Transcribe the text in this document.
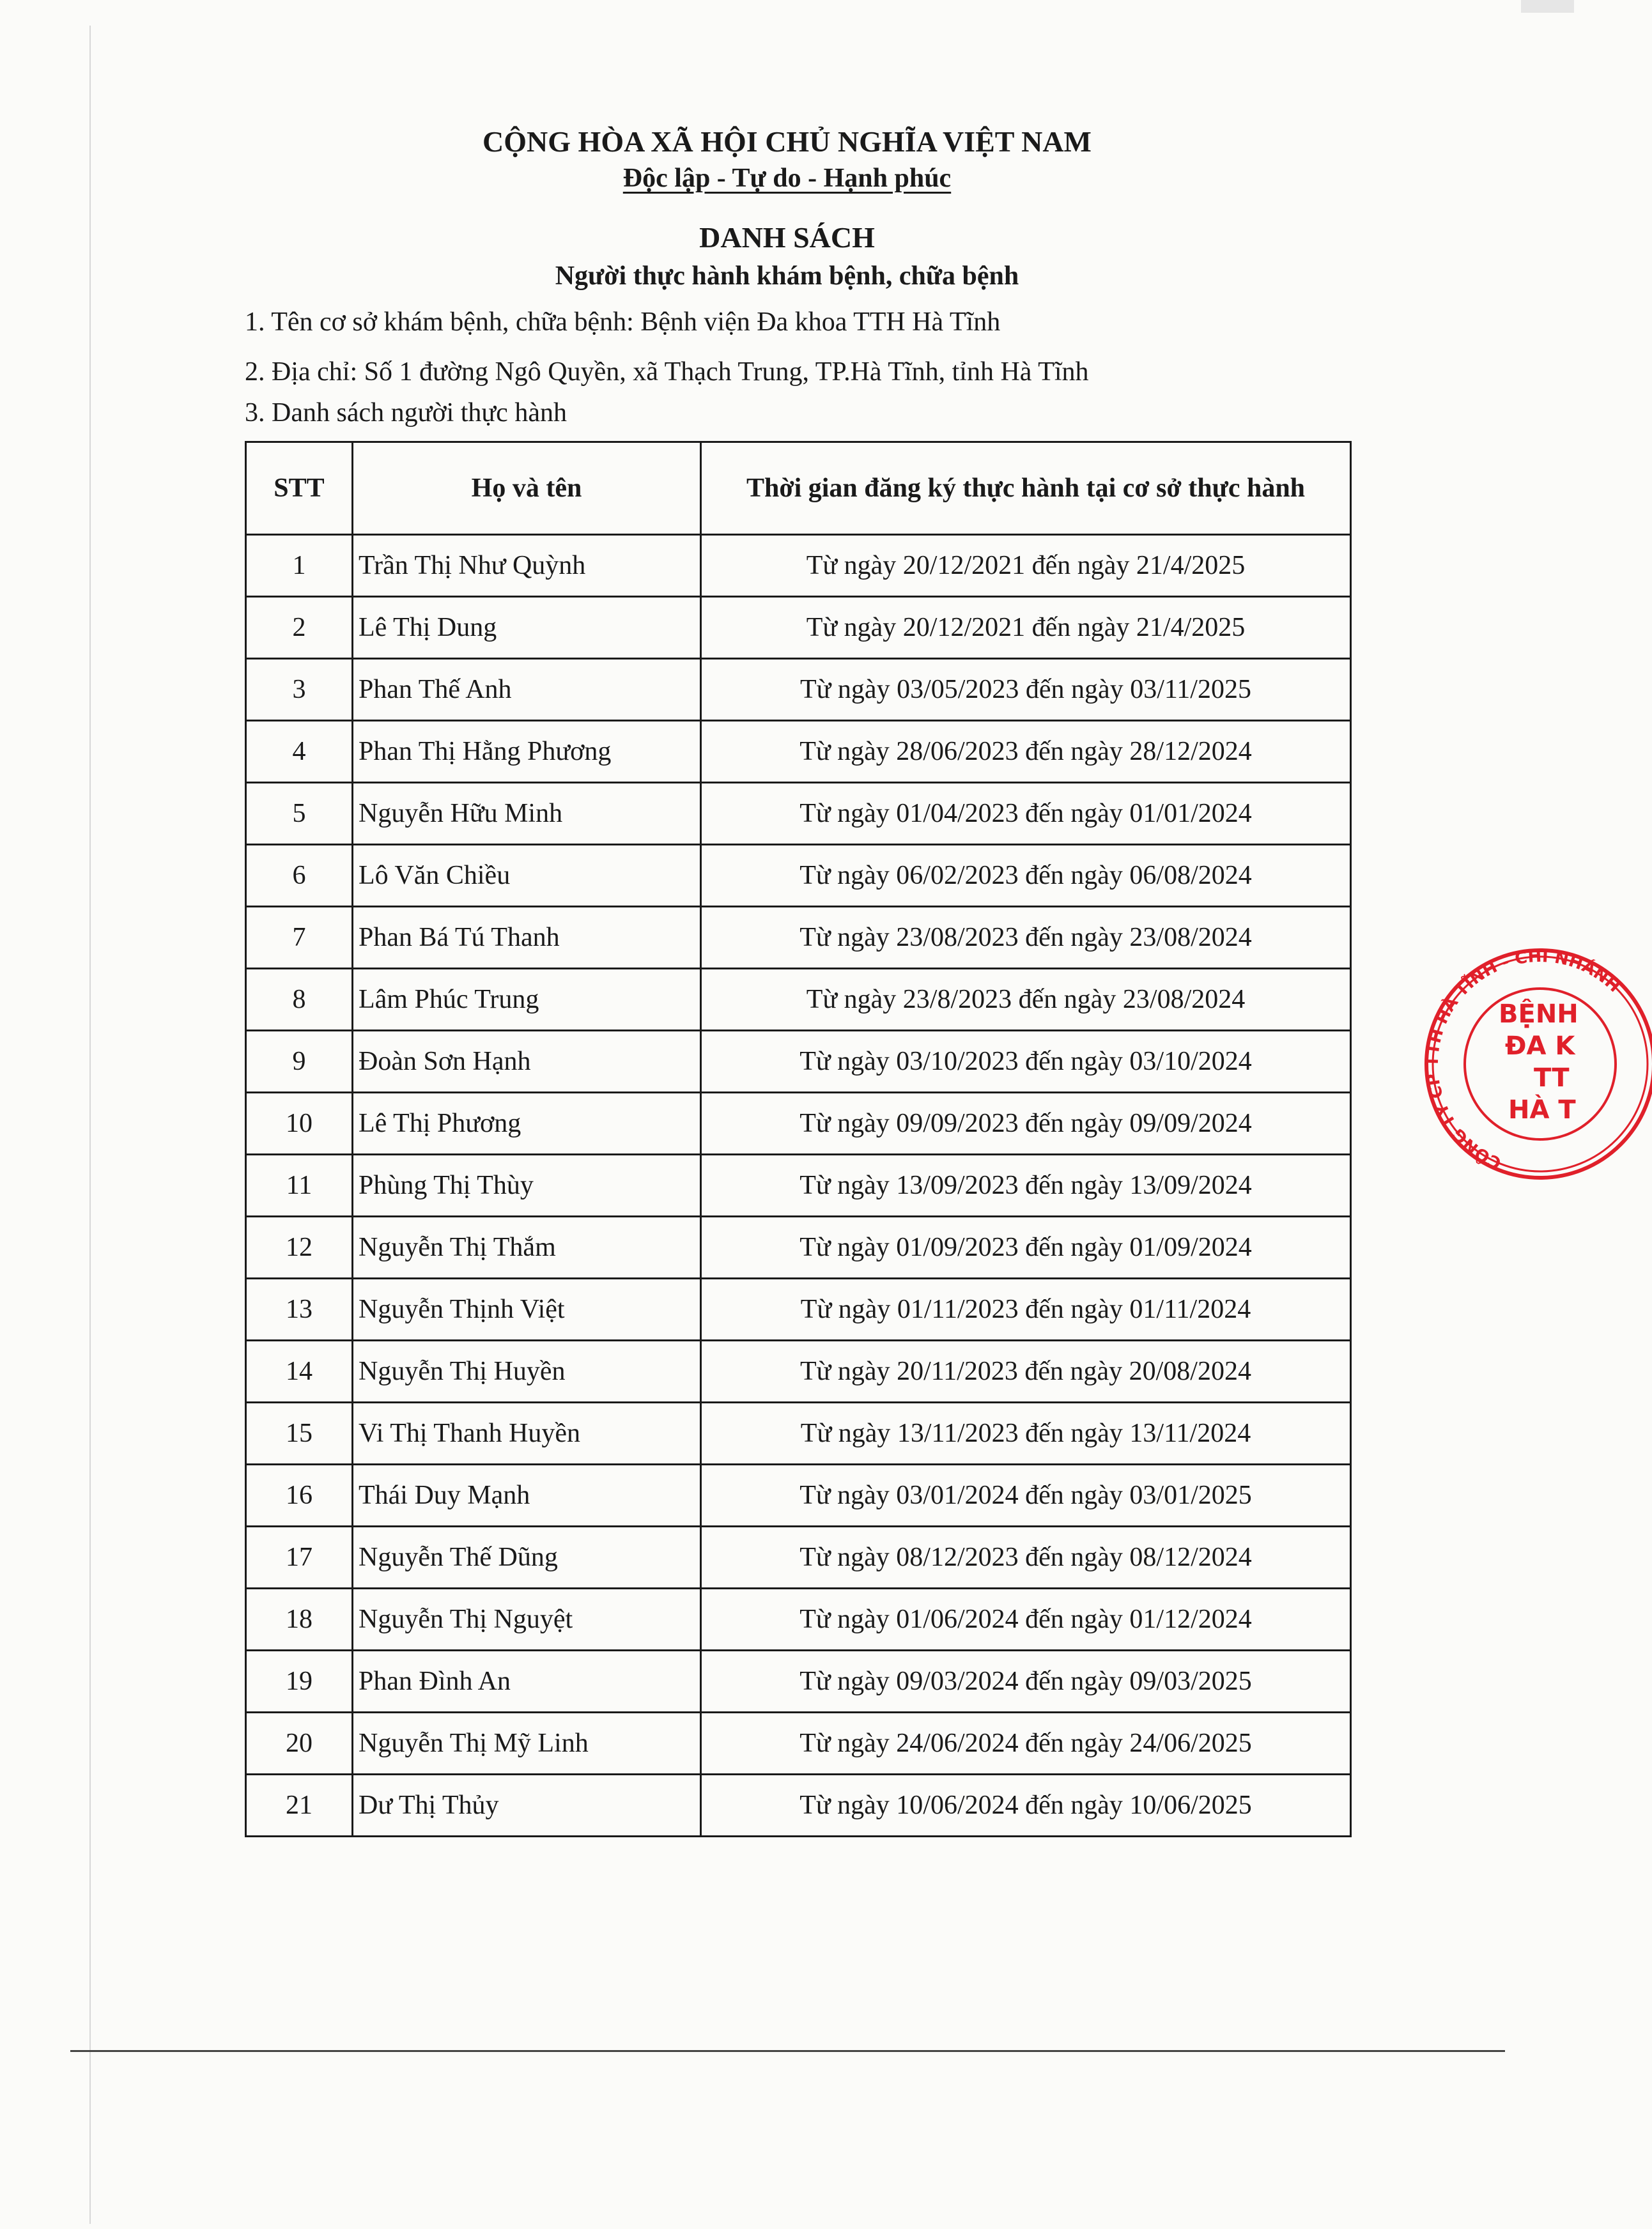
CỘNG HÒA XÃ HỘI CHỦ NGHĨA VIỆT NAM
Độc lập - Tự do - Hạnh phúc
DANH SÁCH
Người thực hành khám bệnh, chữa bệnh
1. Tên cơ sở khám bệnh, chữa bệnh: Bệnh viện Đa khoa TTH Hà Tĩnh
2. Địa chỉ: Số 1 đường Ngô Quyền, xã Thạch Trung, TP.Hà Tĩnh, tỉnh Hà Tĩnh
3. Danh sách người thực hành
STT	Họ và tên	Thời gian đăng ký thực hành tại cơ sở thực hành
1	Trần Thị Như Quỳnh	Từ ngày 20/12/2021 đến ngày 21/4/2025
2	Lê Thị Dung	Từ ngày 20/12/2021 đến ngày 21/4/2025
3	Phan Thế Anh	Từ ngày 03/05/2023 đến ngày 03/11/2025
4	Phan Thị Hằng Phương	Từ ngày 28/06/2023 đến ngày 28/12/2024
5	Nguyễn Hữu Minh	Từ ngày 01/04/2023 đến ngày 01/01/2024
6	Lô Văn Chiều	Từ ngày 06/02/2023 đến ngày 06/08/2024
7	Phan Bá Tú Thanh	Từ ngày 23/08/2023 đến ngày 23/08/2024
8	Lâm Phúc Trung	Từ ngày 23/8/2023 đến ngày 23/08/2024
9	Đoàn Sơn Hạnh	Từ ngày 03/10/2023 đến ngày 03/10/2024
10	Lê Thị Phương	Từ ngày 09/09/2023 đến ngày 09/09/2024
11	Phùng Thị Thùy	Từ ngày 13/09/2023 đến ngày 13/09/2024
12	Nguyễn Thị Thắm	Từ ngày 01/09/2023 đến ngày 01/09/2024
13	Nguyễn Thịnh Việt	Từ ngày 01/11/2023 đến ngày 01/11/2024
14	Nguyễn Thị Huyền	Từ ngày 20/11/2023 đến ngày 20/08/2024
15	Vi Thị Thanh Huyền	Từ ngày 13/11/2023 đến ngày 13/11/2024
16	Thái Duy Mạnh	Từ ngày 03/01/2024 đến ngày 03/01/2025
17	Nguyễn Thế Dũng	Từ ngày 08/12/2023 đến ngày 08/12/2024
18	Nguyễn Thị Nguyệt	Từ ngày 01/06/2024 đến ngày 01/12/2024
19	Phan Đình An	Từ ngày 09/03/2024 đến ngày 09/03/2025
20	Nguyễn Thị Mỹ Linh	Từ ngày 24/06/2024 đến ngày 24/06/2025
21	Dư Thị Thủy	Từ ngày 10/06/2024 đến ngày 10/06/2025
CÔNG TY CP TTH HÀ TĨNH - CHI NHÁNH
BỆNH
ĐA K
TT
HÀ T
